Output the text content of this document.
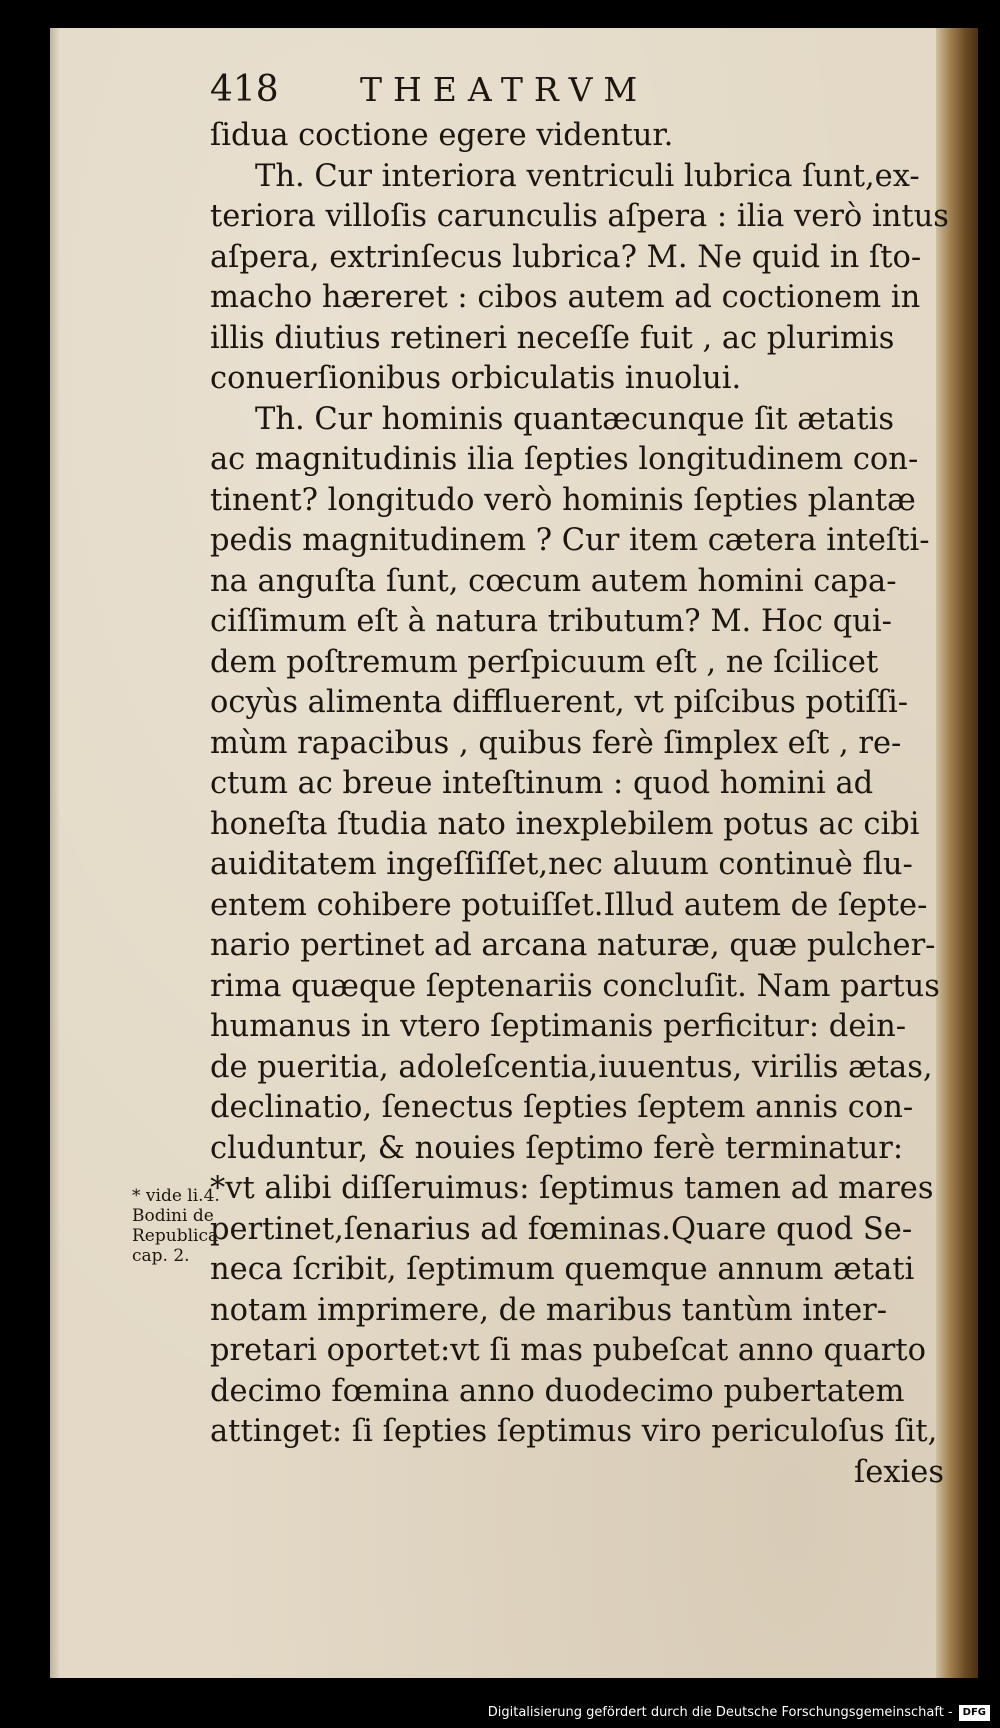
418 THEATRVM
ſidua coctione egere videntur.
Th. Cur interiora ventriculi lubrica ſunt,ex-
teriora villoſis carunculis aſpera : ilia verò intus
aſpera, extrinſecus lubrica? M. Ne quid in ſto-
macho hæreret : cibos autem ad coctionem in
illis diutius retineri neceſſe fuit , ac plurimis
conuerſionibus orbiculatis inuolui.
Th. Cur hominis quantæcunque ſit ætatis
ac magnitudinis ilia ſepties longitudinem con-
tinent? longitudo verò hominis ſepties plantæ
pedis magnitudinem ? Cur item cætera inteſti-
na anguſta ſunt, cœcum autem homini capa-
ciſſimum eſt à natura tributum? M. Hoc qui-
dem poſtremum perſpicuum eſt , ne ſcilicet
ocyùs alimenta diffluerent, vt piſcibus potiſſi-
mùm rapacibus , quibus ferè ſimplex eſt , re-
ctum ac breue inteſtinum : quod homini ad
honeſta ſtudia nato inexplebilem potus ac cibi
auiditatem ingeſſiſſet,nec aluum continuè flu-
entem cohibere potuiſſet.Illud autem de ſepte-
nario pertinet ad arcana naturæ, quæ pulcher-
rima quæque ſeptenariis concluſit. Nam partus
humanus in vtero ſeptimanis perficitur: dein-
de pueritia, adoleſcentia,iuuentus, virilis ætas,
declinatio, ſenectus ſepties ſeptem annis con-
cluduntur, & nouies ſeptimo ferè terminatur:
*vt alibi diſſeruimus: ſeptimus tamen ad mares
pertinet,ſenarius ad fœminas.Quare quod Se-
neca ſcribit, ſeptimum quemque annum ætati
notam imprimere, de maribus tantùm inter-
pretari oportet:vt ſi mas pubeſcat anno quarto
decimo fœmina anno duodecimo pubertatem
attinget: ſi ſepties ſeptimus viro periculoſus ſit,
ſexies
* vide li.4.
Bodini de
Republica
cap. 2.
Digitalisierung gefördert durch die Deutsche Forschungsgemeinschaft -	DFG
